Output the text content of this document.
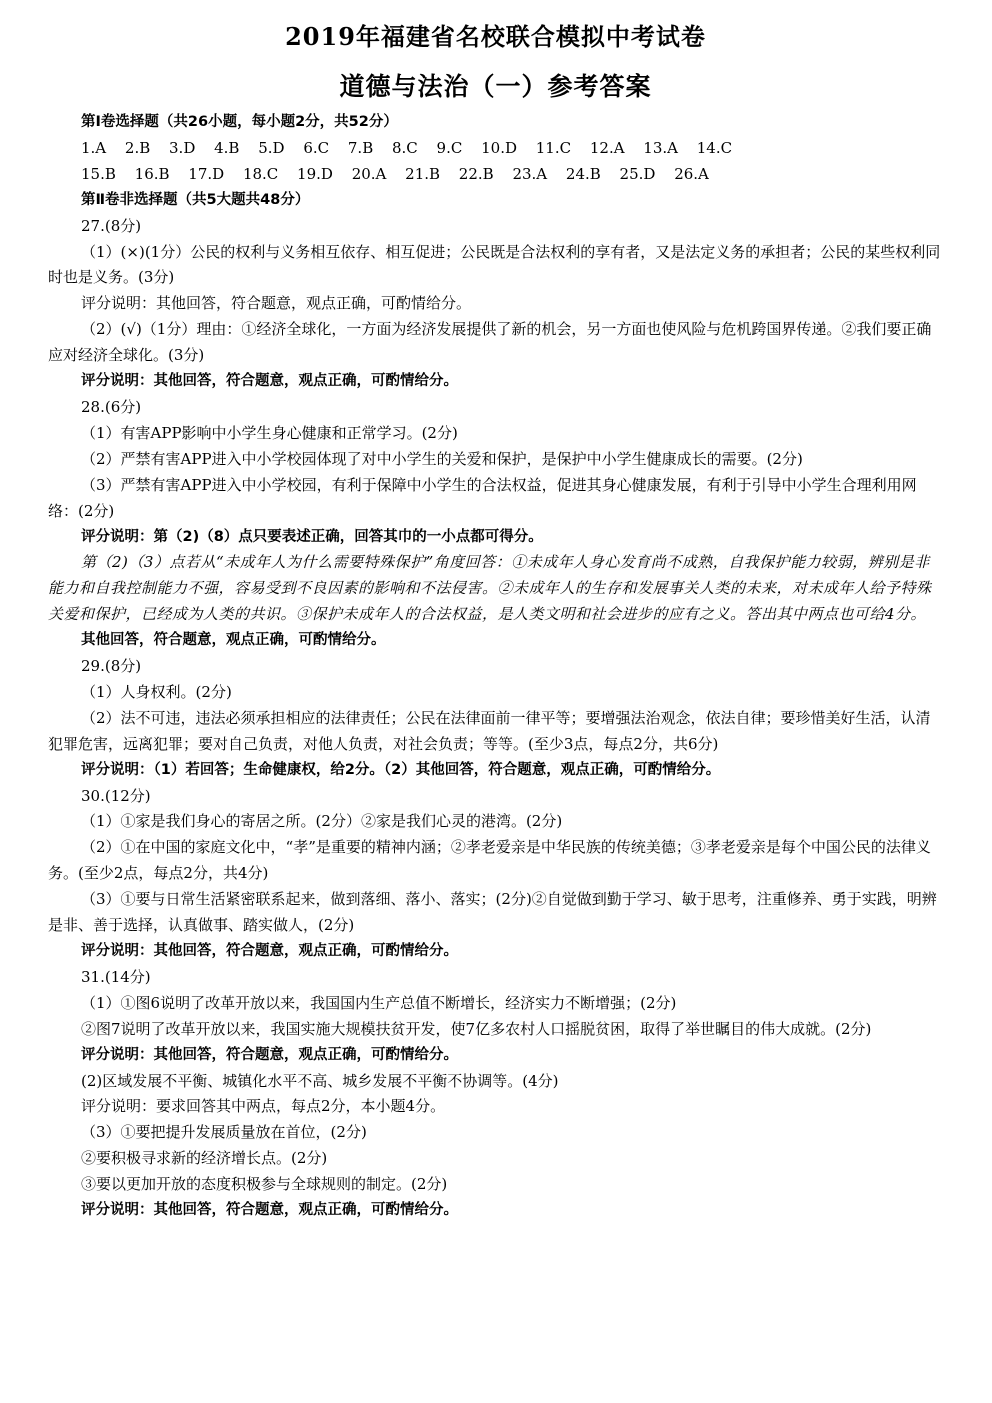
2019年福建省名校联合模拟中考试卷
道德与法治（一）参考答案

第Ⅰ卷选择题（共26小题，每小题2分，共52分）

1.A 2.B 3.D 4.B 5.D 6.C 7.B 8.C 9.C 10.D 11.C 12.A 13.A 14.C

15.B 16.B 17.D 18.C 19.D 20.A 21.B 22.B 23.A 24.B 25.D 26.A

第Ⅱ卷非选择题（共5大题共48分）

27.(8分)

（1）(×)(1分）公民的权利与义务相互依存、相互促进；公民既是合法权利的享有者，又是法定义务的承担者；公民的某些权利同时也是义务。(3分)

评分说明：其他回答，符合题意，观点正确，可酌情给分。

（2）(√)（1分）理由：①经济全球化，一方面为经济发展提供了新的机会，另一方面也使风险与危机跨国界传递。②我们要正确应对经济全球化。(3分)

评分说明：其他回答，符合题意，观点正确，可酌情给分。

28.(6分)

（1）有害APP影响中小学生身心健康和正常学习。(2分)

（2）严禁有害APP进入中小学校园体现了对中小学生的关爱和保护，是保护中小学生健康成长的需要。(2分)

（3）严禁有害APP进入中小学校园，有利于保障中小学生的合法权益，促进其身心健康发展，有利于引导中小学生合理利用网络：(2分)

评分说明：第（2)（8）点只要表述正确，回答其巾的一小点都可得分。

第（2)（3）点若从“未成年人为什么需要特殊保护”角度回答：①未成年人身心发育尚不成熟，自我保护能力较弱，辨别是非能力和自我控制能力不强，容易受到不良因素的影响和不法侵害。②未成年人的生存和发展事关人类的未来，对未成年人给予特殊关爱和保护，已经成为人类的共识。③保护未成年人的合法权益，是人类文明和社会进步的应有之义。答出其中两点也可给4分。

其他回答，符合题意，观点正确，可酌情给分。

29.(8分)

（1）人身权利。(2分)

（2）法不可违，违法必须承担相应的法律责任；公民在法律面前一律平等；要增强法治观念，依法自律；要珍惜美好生活，认清犯罪危害，远离犯罪；要对自己负责，对他人负责，对社会负责；等等。(至少3点，每点2分，共6分)

评分说明：（1）若回答；生命健康权，给2分。（2）其他回答，符合题意，观点正确，可酌情给分。

30.(12分)

（1）①家是我们身心的寄居之所。(2分）②家是我们心灵的港湾。(2分)

（2）①在中国的家庭文化中，“孝”是重要的精神内涵；②孝老爱亲是中华民族的传统美德；③孝老爱亲是每个中国公民的法律义务。(至少2点，每点2分，共4分)

（3）①要与日常生活紧密联系起来，做到落细、落小、落实；(2分)②自觉做到勤于学习、敏于思考，注重修养、勇于实践，明辨是非、善于选择，认真做事、踏实做人，(2分)

评分说明：其他回答，符合题意，观点正确，可酌情给分。

31.(14分)

（1）①图6说明了改革开放以来，我国国内生产总值不断增长，经济实力不断增强；(2分)

②图7说明了改革开放以来，我国实施大规模扶贫开发，使7亿多农村人口摇脱贫困，取得了举世瞩目的伟大成就。(2分)

评分说明：其他回答，符合题意，观点正确，可酌情给分。

(2)区域发展不平衡、城镇化水平不高、城乡发展不平衡不协调等。(4分)

评分说明：要求回答其中两点，每点2分，本小题4分。

（3）①要把提升发展质量放在首位，(2分)

②要积极寻求新的经济增长点。(2分)

③要以更加开放的态度积极参与全球规则的制定。(2分)

评分说明：其他回答，符合题意，观点正确，可酌情给分。
